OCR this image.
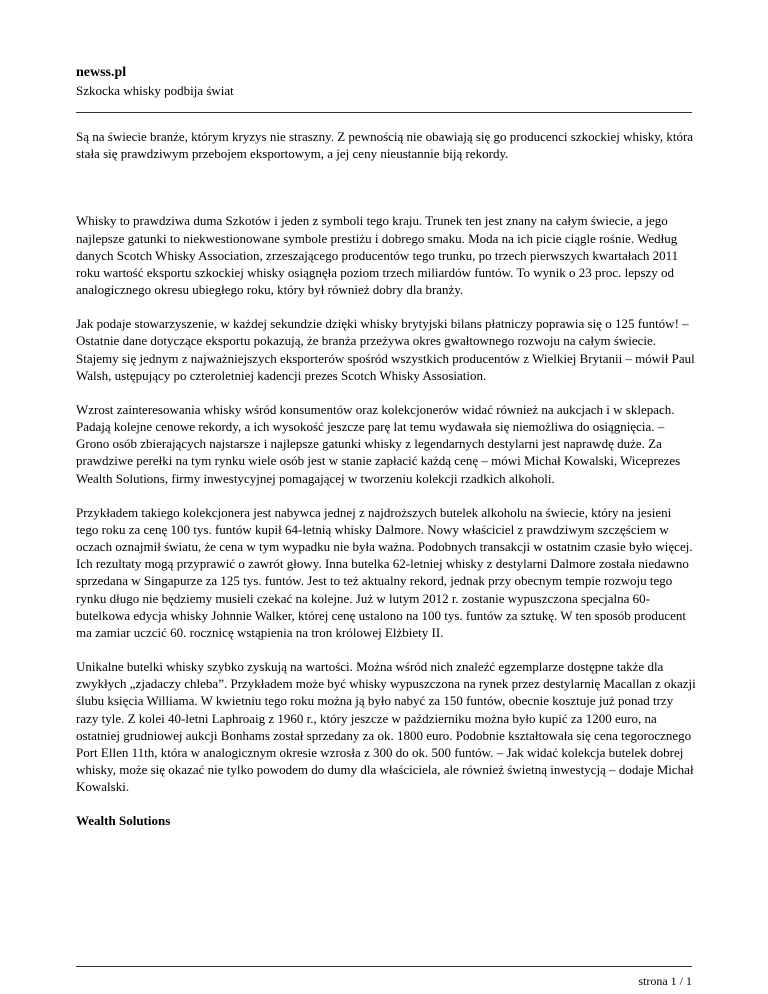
newss.pl
Szkocka whisky podbija świat

Są na świecie branże, którym kryzys nie straszny. Z pewnością nie obawiają się go producenci szkockiej whisky, która stała się prawdziwym przebojem eksportowym, a jej ceny nieustannie biją rekordy.

Whisky to prawdziwa duma Szkotów i jeden z symboli tego kraju. Trunek ten jest znany na całym świecie, a jego najlepsze gatunki to niekwestionowane symbole prestiżu i dobrego smaku. Moda na ich picie ciągle rośnie. Według danych Scotch Whisky Association, zrzeszającego producentów tego trunku, po trzech pierwszych kwartałach 2011 roku wartość eksportu szkockiej whisky osiągnęła poziom trzech miliardów funtów. To wynik o 23 proc. lepszy od analogicznego okresu ubiegłego roku, który był również dobry dla branży.

Jak podaje stowarzyszenie, w każdej sekundzie dzięki whisky brytyjski bilans płatniczy poprawia się o 125 funtów! – Ostatnie dane dotyczące eksportu pokazują, że branża przeżywa okres gwałtownego rozwoju na całym świecie. Stajemy się jednym z najważniejszych eksporterów spośród wszystkich producentów z Wielkiej Brytanii – mówił Paul Walsh, ustępujący po czteroletniej kadencji prezes Scotch Whisky Assosiation.

Wzrost zainteresowania whisky wśród konsumentów oraz kolekcjonerów widać również na aukcjach i w sklepach. Padają kolejne cenowe rekordy, a ich wysokość jeszcze parę lat temu wydawała się niemożliwa do osiągnięcia. – Grono osób zbierających najstarsze i najlepsze gatunki whisky z legendarnych destylarni jest naprawdę duże. Za prawdziwe perełki na tym rynku wiele osób jest w stanie zapłacić każdą cenę – mówi Michał Kowalski, Wiceprezes Wealth Solutions, firmy inwestycyjnej pomagającej w tworzeniu kolekcji rzadkich alkoholi.

Przykładem takiego kolekcjonera jest nabywca jednej z najdroższych butelek alkoholu na świecie, który na jesieni tego roku za cenę 100 tys. funtów kupił 64-letnią whisky Dalmore. Nowy właściciel z prawdziwym szczęściem w oczach oznajmił światu, że cena w tym wypadku nie była ważna. Podobnych transakcji w ostatnim czasie było więcej. Ich rezultaty mogą przyprawić o zawrót głowy. Inna butelka 62-letniej whisky z destylarni Dalmore została niedawno sprzedana w Singapurze za 125 tys. funtów. Jest to też aktualny rekord, jednak przy obecnym tempie rozwoju tego rynku długo nie będziemy musieli czekać na kolejne. Już w lutym 2012 r. zostanie wypuszczona specjalna 60-butelkowa edycja whisky Johnnie Walker, której cenę ustalono na 100 tys. funtów za sztukę. W ten sposób producent ma zamiar uczcić 60. rocznicę wstąpienia na tron królowej Elżbiety II.

Unikalne butelki whisky szybko zyskują na wartości. Można wśród nich znaleźć egzemplarze dostępne także dla zwykłych „zjadaczy chleba”. Przykładem może być whisky wypuszczona na rynek przez destylarnię Macallan z okazji ślubu księcia Williama. W kwietniu tego roku można ją było nabyć za 150 funtów, obecnie kosztuje już ponad trzy razy tyle. Z kolei 40-letni Laphroaig z 1960 r., który jeszcze w październiku można było kupić za 1200 euro, na ostatniej grudniowej aukcji Bonhams został sprzedany za ok. 1800 euro. Podobnie kształtowała się cena tegorocznego Port Ellen 11th, która w analogicznym okresie wzrosła z 300 do ok. 500 funtów. – Jak widać kolekcja butelek dobrej whisky, może się okazać nie tylko powodem do dumy dla właściciela, ale również świetną inwestycją – dodaje Michał Kowalski.

Wealth Solutions

strona 1 / 1
